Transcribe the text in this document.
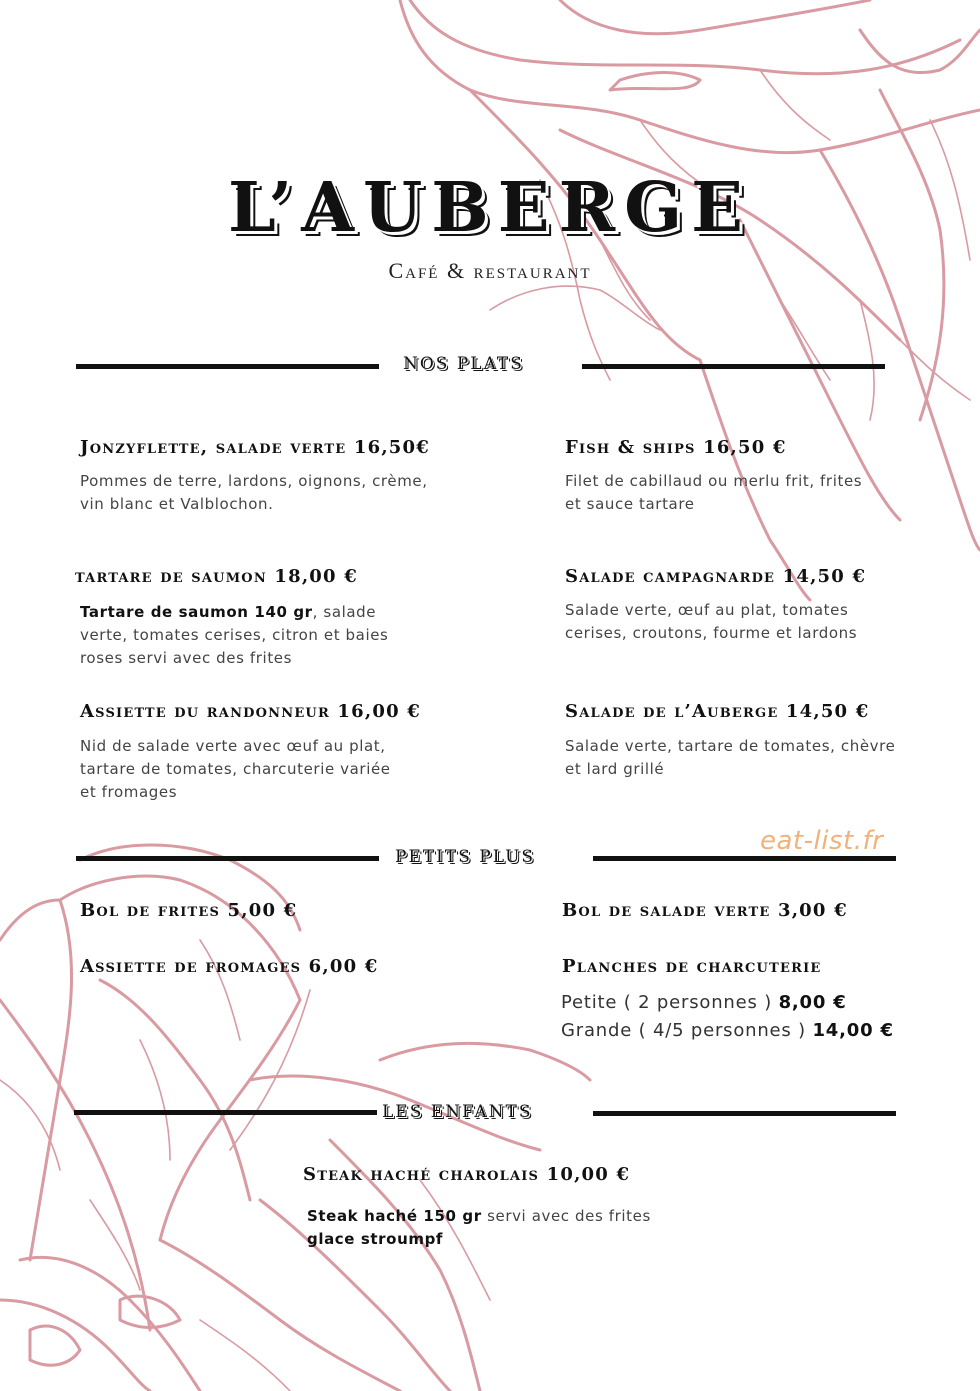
L’AUBERGE
Café & restaurant
NOS PLATS
Jonzyflette, salade verte 16,50€
Pommes de terre, lardons, oignons, crème,
vin blanc et Valblochon.
Fish & ships 16,50 €
Filet de cabillaud ou merlu frit, frites
et sauce tartare
tartare de saumon 18,00 €
Tartare de saumon 140 gr, salade
verte, tomates cerises, citron et baies
roses servi avec des frites
Salade campagnarde 14,50 €
Salade verte, œuf au plat, tomates
cerises, croutons, fourme et lardons
Assiette du randonneur 16,00 €
Nid de salade verte avec œuf au plat,
tartare de tomates, charcuterie variée
et fromages
Salade de l’Auberge 14,50 €
Salade verte, tartare de tomates, chèvre
et lard grillé
PETITS PLUS
eat-list.fr
Bol de frites 5,00 €	Bol de salade verte 3,00 €
Assiette de fromages 6,00 €	Planches de charcuterie
Petite ( 2 personnes ) 8,00 €
Grande ( 4/5 personnes ) 14,00 €
LES ENFANTS
Steak haché charolais 10,00 €
Steak haché 150 gr servi avec des frites
glace stroumpf
